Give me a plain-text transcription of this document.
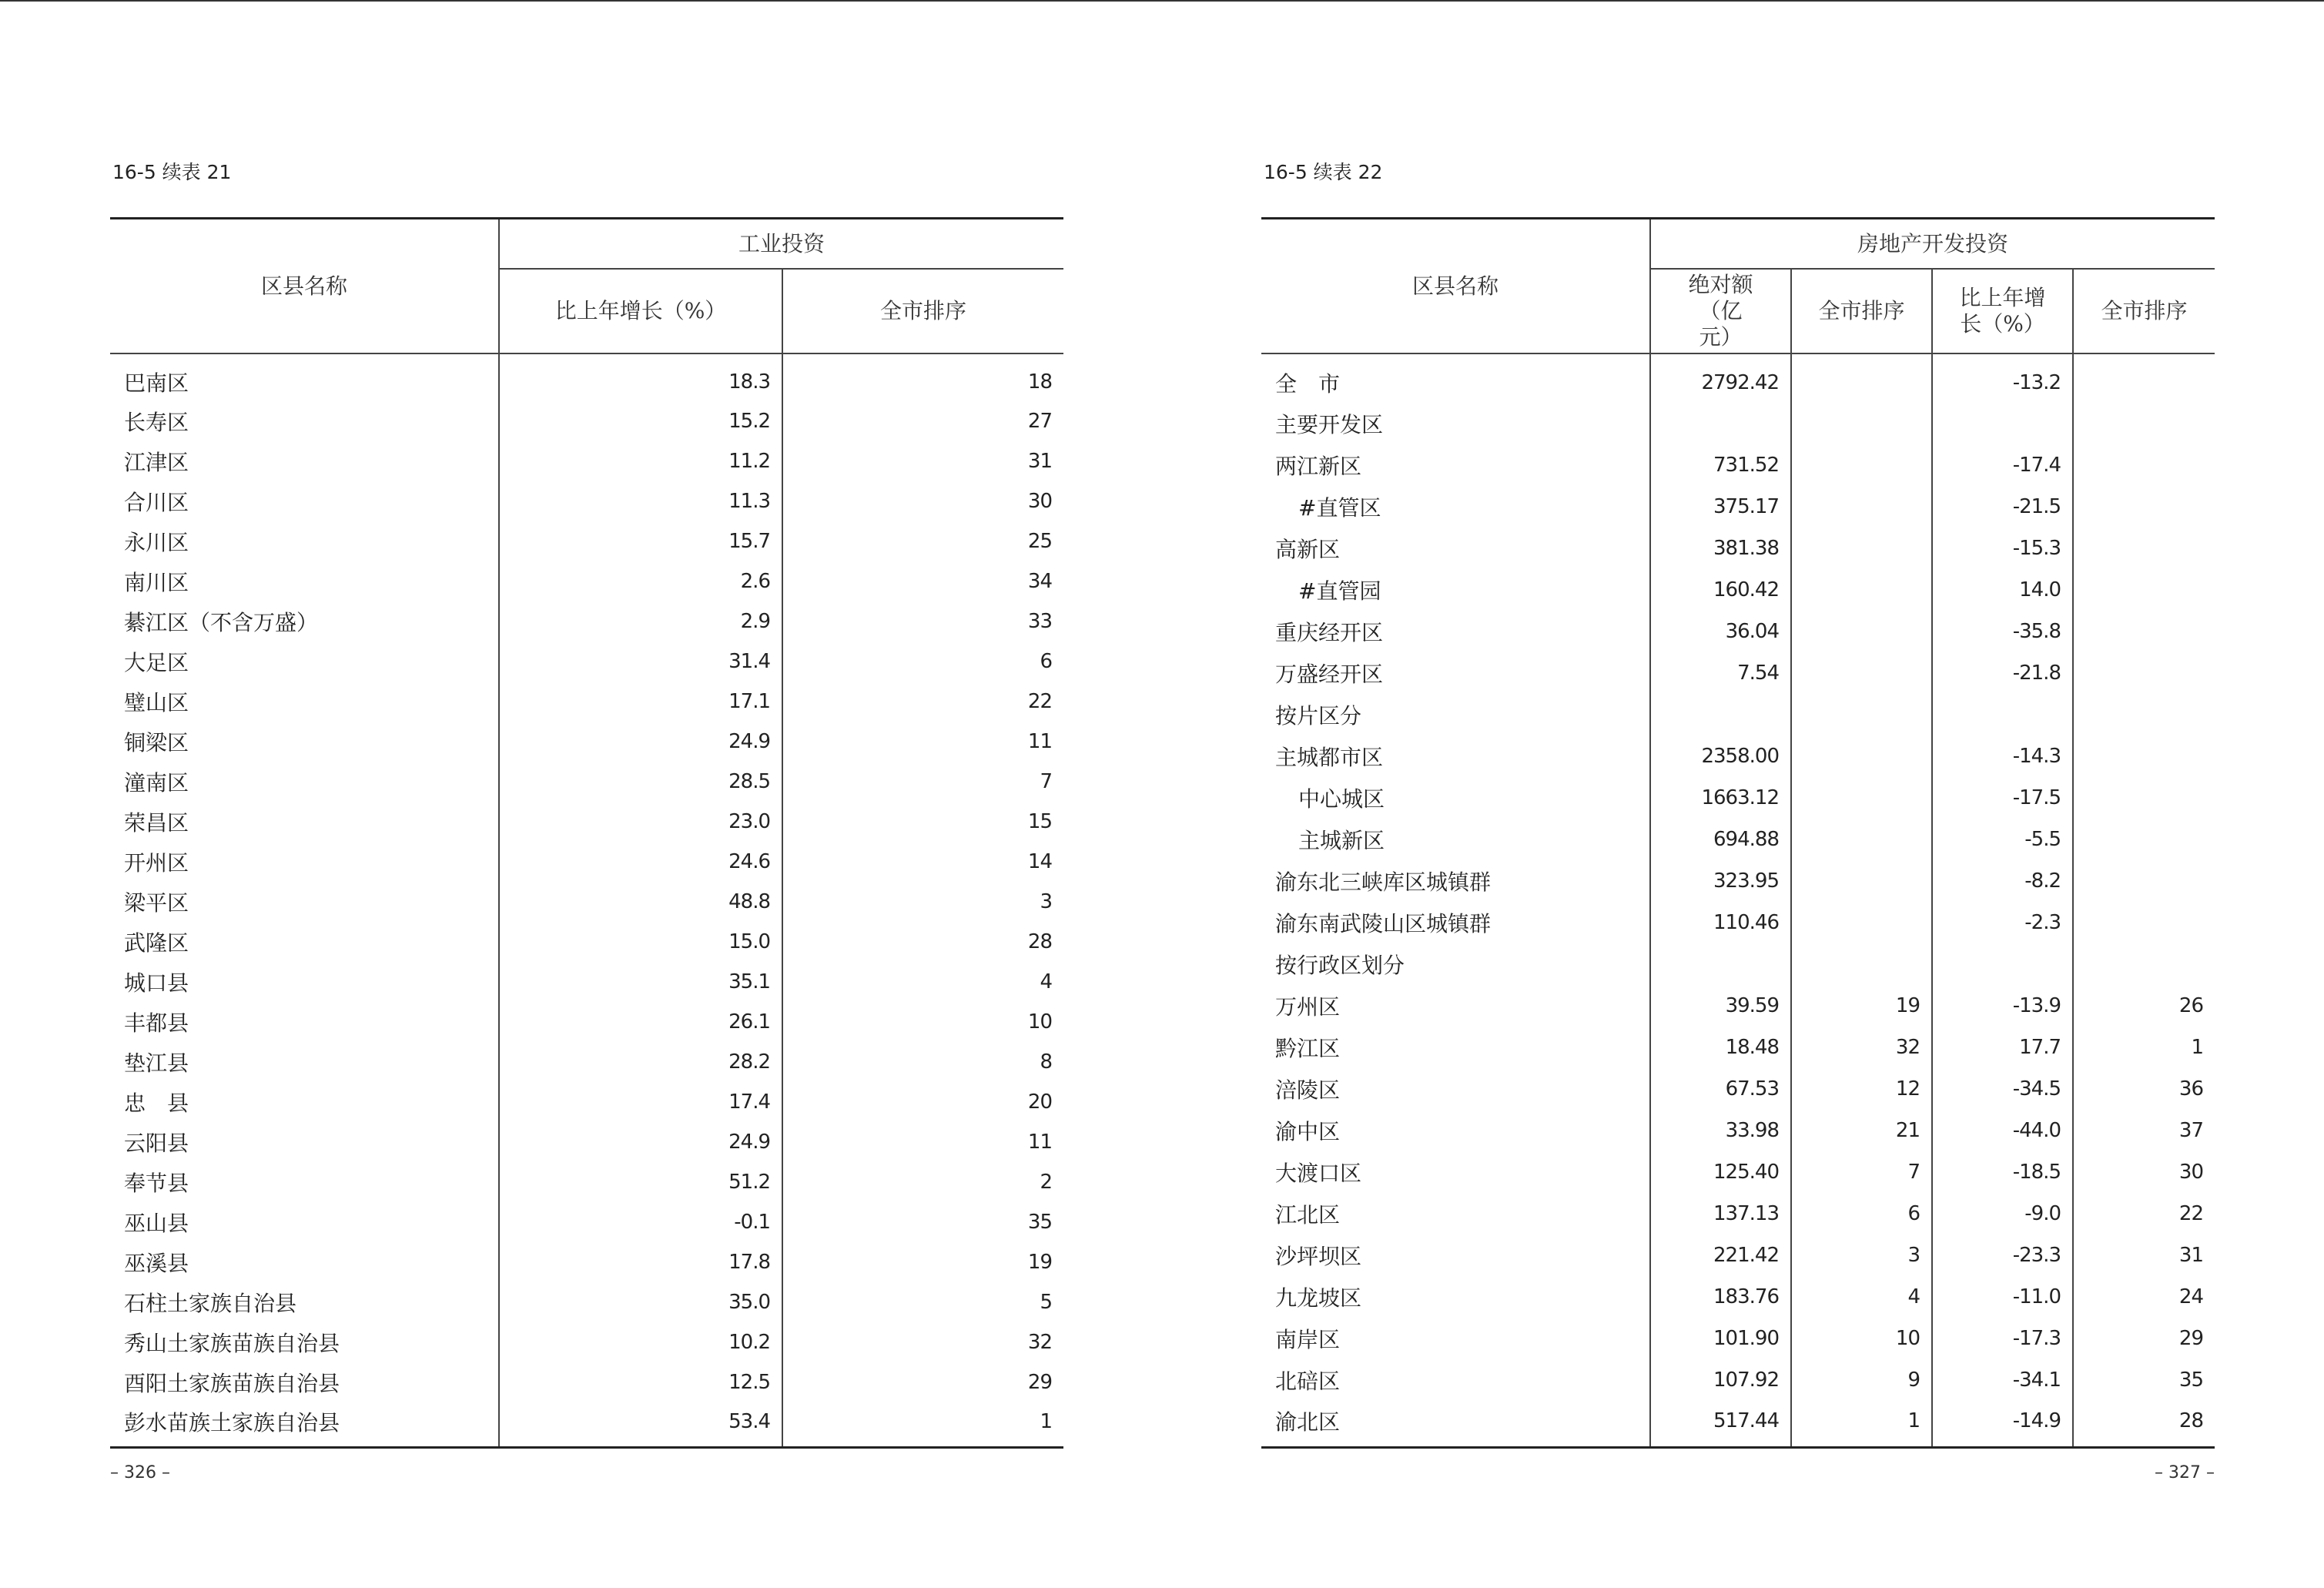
16-5 续表 21
区县名称	工业投资	
	比上年增长（%）	全市排序
巴南区	18.3	18
长寿区	15.2	27
江津区	11.2	31
合川区	11.3	30
永川区	15.7	25
南川区	2.6	34
綦江区（不含万盛）	2.9	33
大足区	31.4	6
璧山区	17.1	22
铜梁区	24.9	11
潼南区	28.5	7
荣昌区	23.0	15
开州区	24.6	14
梁平区	48.8	3
武隆区	15.0	28
城口县	35.1	4
丰都县	26.1	10
垫江县	28.2	8
忠　县	17.4	20
云阳县	24.9	11
奉节县	51.2	2
巫山县	-0.1	35
巫溪县	17.8	19
石柱土家族自治县	35.0	5
秀山土家族苗族自治县	10.2	32
酉阳土家族苗族自治县	12.5	29
彭水苗族土家族自治县	53.4	1
– 326 –
16-5 续表 22
区县名称	房地产开发投资			
	绝对额（亿元）	全市排序	比上年增长（%）	全市排序
全　市	2792.42		-13.2	
主要开发区				
两江新区	731.52		-17.4	
#直管区	375.17		-21.5	
高新区	381.38		-15.3	
#直管园	160.42		14.0	
重庆经开区	36.04		-35.8	
万盛经开区	7.54		-21.8	
按片区分				
主城都市区	2358.00		-14.3	
中心城区	1663.12		-17.5	
主城新区	694.88		-5.5	
渝东北三峡库区城镇群	323.95		-8.2	
渝东南武陵山区城镇群	110.46		-2.3	
按行政区划分				
万州区	39.59	19	-13.9	26
黔江区	18.48	32	17.7	1
涪陵区	67.53	12	-34.5	36
渝中区	33.98	21	-44.0	37
大渡口区	125.40	7	-18.5	30
江北区	137.13	6	-9.0	22
沙坪坝区	221.42	3	-23.3	31
九龙坡区	183.76	4	-11.0	24
南岸区	101.90	10	-17.3	29
北碚区	107.92	9	-34.1	35
渝北区	517.44	1	-14.9	28
– 327 –
